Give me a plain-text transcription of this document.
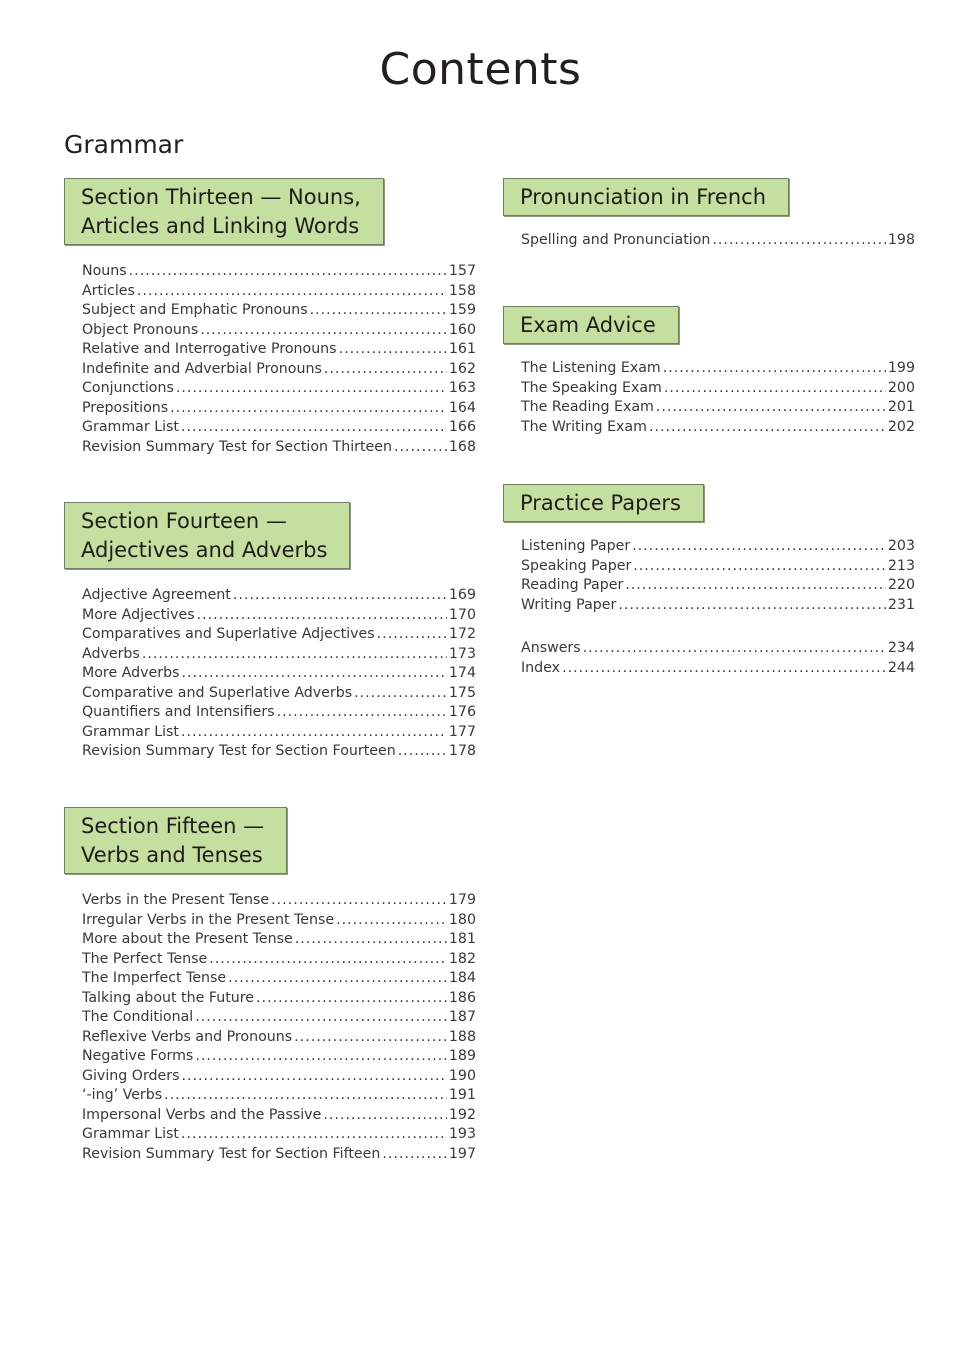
Contents
Grammar
Section Thirteen — Nouns,
Articles and Linking Words
Nouns .....	157
Articles .....	158
Subject and Emphatic Pronouns .....	159
Object Pronouns .....	160
Relative and Interrogative Pronouns .....	161
Indefinite and Adverbial Pronouns .....	162
Conjunctions .....	163
Prepositions .....	164
Grammar List .....	166
Revision Summary Test for Section Thirteen .....	168
Section Fourteen —
Adjectives and Adverbs
Adjective Agreement .....	169
More Adjectives .....	170
Comparatives and Superlative Adjectives .....	172
Adverbs .....	173
More Adverbs .....	174
Comparative and Superlative Adverbs .....	175
Quantifiers and Intensifiers .....	176
Grammar List .....	177
Revision Summary Test for Section Fourteen .....	178
Section Fifteen —
Verbs and Tenses
Verbs in the Present Tense .....	179
Irregular Verbs in the Present Tense .....	180
More about the Present Tense .....	181
The Perfect Tense .....	182
The Imperfect Tense .....	184
Talking about the Future .....	186
The Conditional .....	187
Reflexive Verbs and Pronouns .....	188
Negative Forms .....	189
Giving Orders .....	190
‘-ing’ Verbs .....	191
Impersonal Verbs and the Passive .....	192
Grammar List .....	193
Revision Summary Test for Section Fifteen .....	197
Pronunciation in French
Spelling and Pronunciation .....	198
Exam Advice
The Listening Exam .....	199
The Speaking Exam .....	200
The Reading Exam .....	201
The Writing Exam .....	202
Practice Papers
Listening Paper .....	203
Speaking Paper .....	213
Reading Paper .....	220
Writing Paper .....	231
Answers .....	234
Index .....	244
